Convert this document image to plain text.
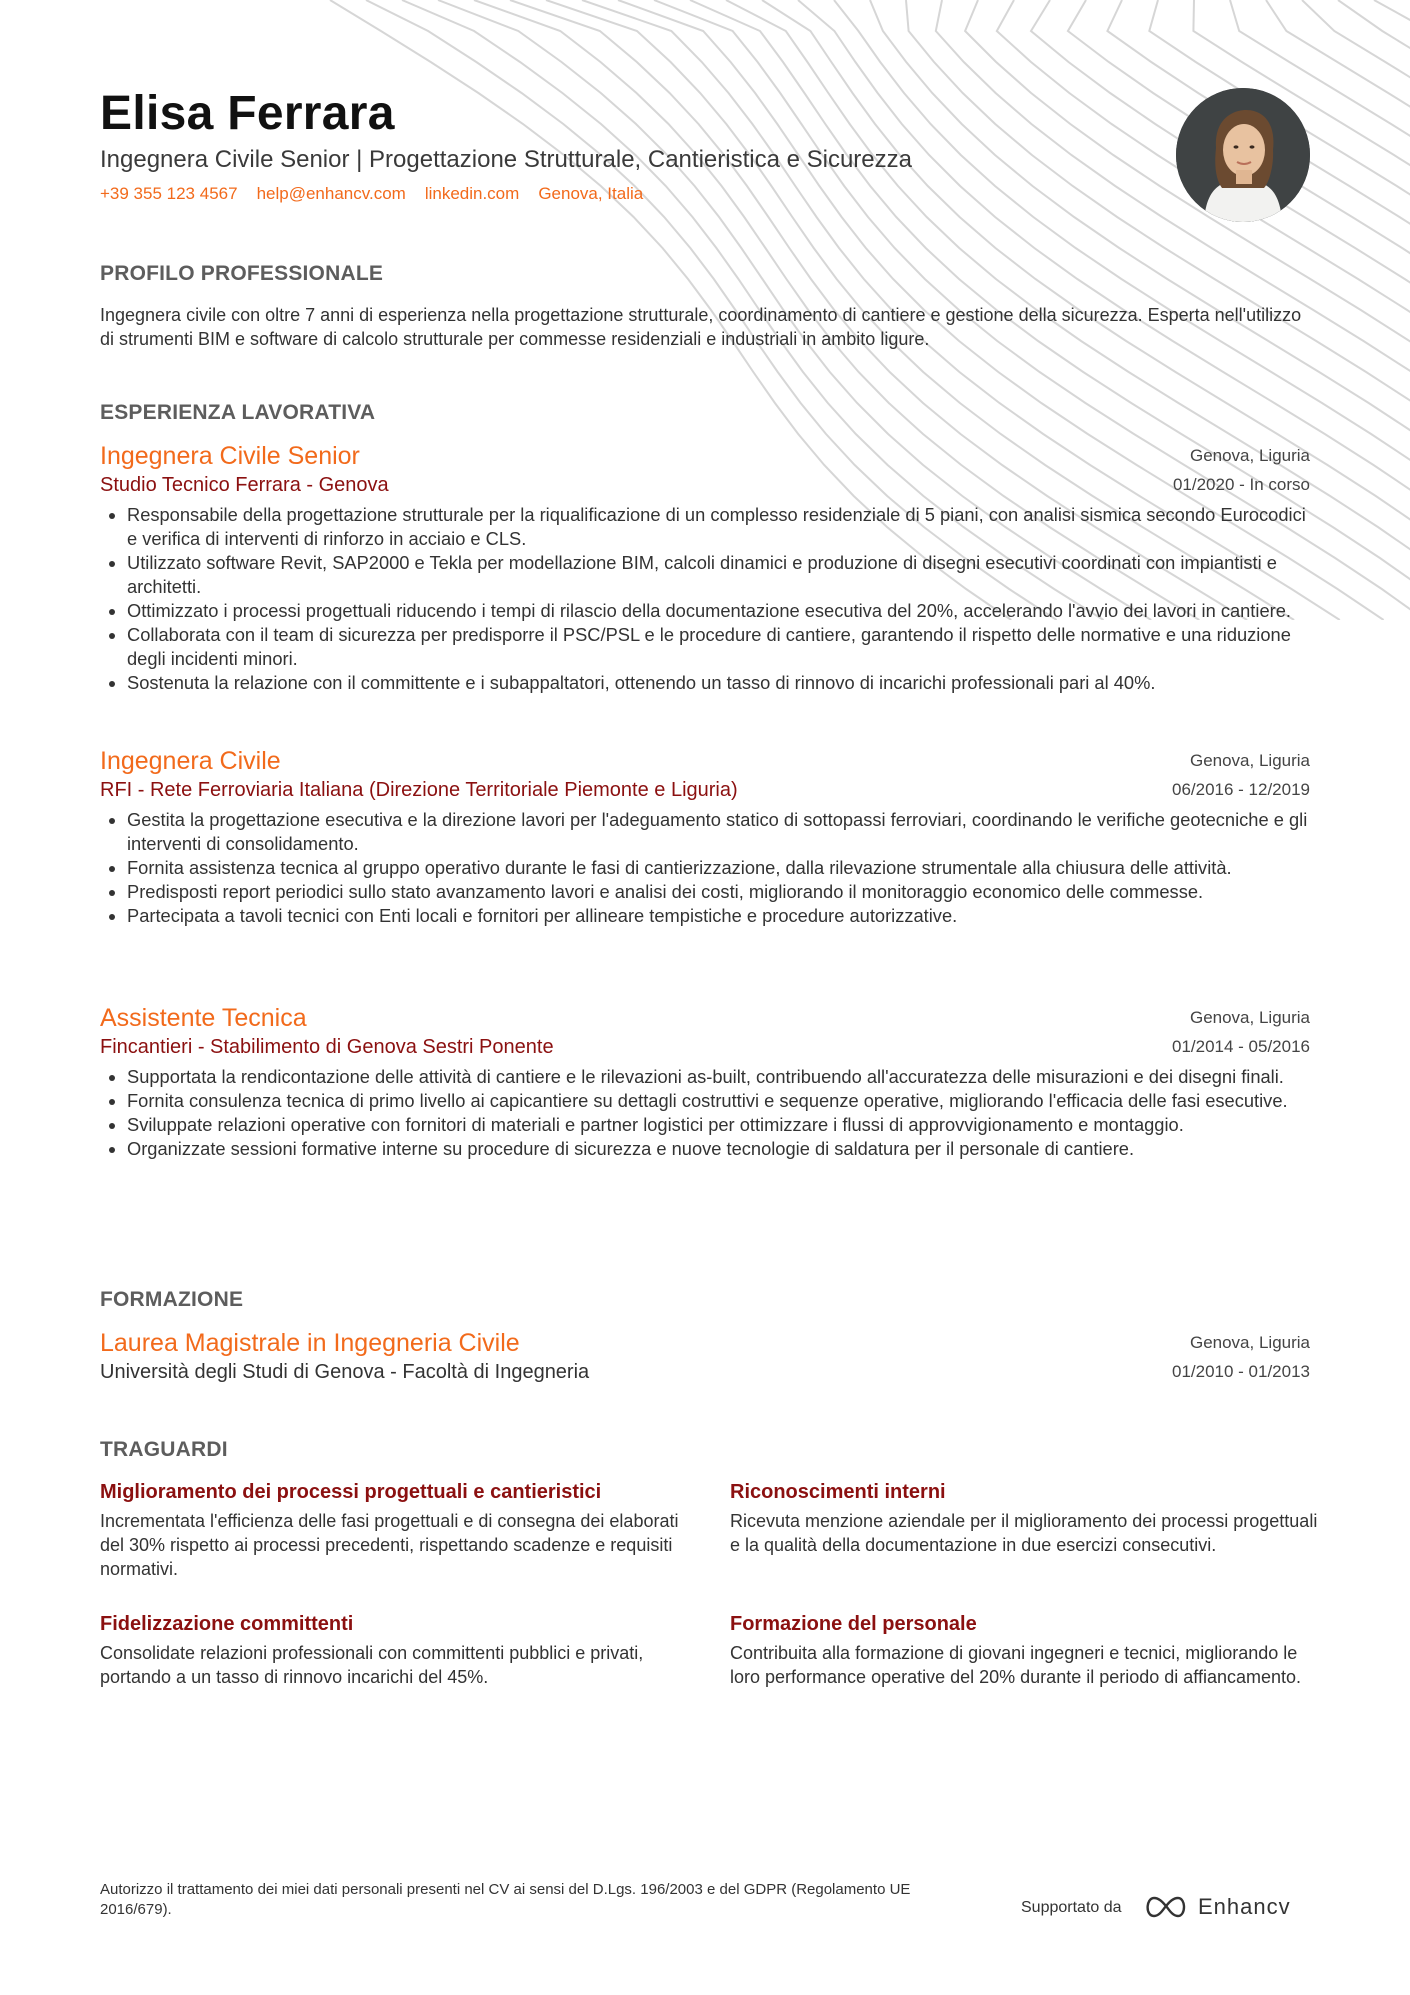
Elisa Ferrara
Ingegnera Civile Senior | Progettazione Strutturale, Cantieristica e Sicurezza
+39 355 123 4567 help@enhancv.com linkedin.com Genova, Italia
PROFILO PROFESSIONALE
Ingegnera civile con oltre 7 anni di esperienza nella progettazione strutturale, coordinamento di cantiere e gestione della sicurezza. Esperta nell'utilizzo di strumenti BIM e software di calcolo strutturale per commesse residenziali e industriali in ambito ligure.
ESPERIENZA LAVORATIVA
Ingegnera Civile Senior
Studio Tecnico Ferrara - Genova
Genova, Liguria
01/2020 - In corso
• Responsabile della progettazione strutturale per la riqualificazione di un complesso residenziale di 5 piani, con analisi sismica secondo Eurocodici e verifica di interventi di rinforzo in acciaio e CLS.
• Utilizzato software Revit, SAP2000 e Tekla per modellazione BIM, calcoli dinamici e produzione di disegni esecutivi coordinati con impiantisti e architetti.
• Ottimizzato i processi progettuali riducendo i tempi di rilascio della documentazione esecutiva del 20%, accelerando l'avvio dei lavori in cantiere.
• Collaborata con il team di sicurezza per predisporre il PSC/PSL e le procedure di cantiere, garantendo il rispetto delle normative e una riduzione degli incidenti minori.
• Sostenuta la relazione con il committente e i subappaltatori, ottenendo un tasso di rinnovo di incarichi professionali pari al 40%.
Ingegnera Civile
RFI - Rete Ferroviaria Italiana (Direzione Territoriale Piemonte e Liguria)
Genova, Liguria
06/2016 - 12/2019
• Gestita la progettazione esecutiva e la direzione lavori per l'adeguamento statico di sottopassi ferroviari, coordinando le verifiche geotecniche e gli interventi di consolidamento.
• Fornita assistenza tecnica al gruppo operativo durante le fasi di cantierizzazione, dalla rilevazione strumentale alla chiusura delle attività.
• Predisposti report periodici sullo stato avanzamento lavori e analisi dei costi, migliorando il monitoraggio economico delle commesse.
• Partecipata a tavoli tecnici con Enti locali e fornitori per allineare tempistiche e procedure autorizzative.
Assistente Tecnica
Fincantieri - Stabilimento di Genova Sestri Ponente
Genova, Liguria
01/2014 - 05/2016
• Supportata la rendicontazione delle attività di cantiere e le rilevazioni as-built, contribuendo all'accuratezza delle misurazioni e dei disegni finali.
• Fornita consulenza tecnica di primo livello ai capicantiere su dettagli costruttivi e sequenze operative, migliorando l'efficacia delle fasi esecutive.
• Sviluppate relazioni operative con fornitori di materiali e partner logistici per ottimizzare i flussi di approvvigionamento e montaggio.
• Organizzate sessioni formative interne su procedure di sicurezza e nuove tecnologie di saldatura per il personale di cantiere.
FORMAZIONE
Laurea Magistrale in Ingegneria Civile
Università degli Studi di Genova - Facoltà di Ingegneria
Genova, Liguria
01/2010 - 01/2013
TRAGUARDI
Miglioramento dei processi progettuali e cantieristici
Incrementata l'efficienza delle fasi progettuali e di consegna dei elaborati del 30% rispetto ai processi precedenti, rispettando scadenze e requisiti normativi.
Riconoscimenti interni
Ricevuta menzione aziendale per il miglioramento dei processi progettuali e la qualità della documentazione in due esercizi consecutivi.
Fidelizzazione committenti
Consolidate relazioni professionali con committenti pubblici e privati, portando a un tasso di rinnovo incarichi del 45%.
Formazione del personale
Contribuita alla formazione di giovani ingegneri e tecnici, migliorando le loro performance operative del 20% durante il periodo di affiancamento.
Autorizzo il trattamento dei miei dati personali presenti nel CV ai sensi del D.Lgs. 196/2003 e del GDPR (Regolamento UE 2016/679).	Supportato da	Enhancv
